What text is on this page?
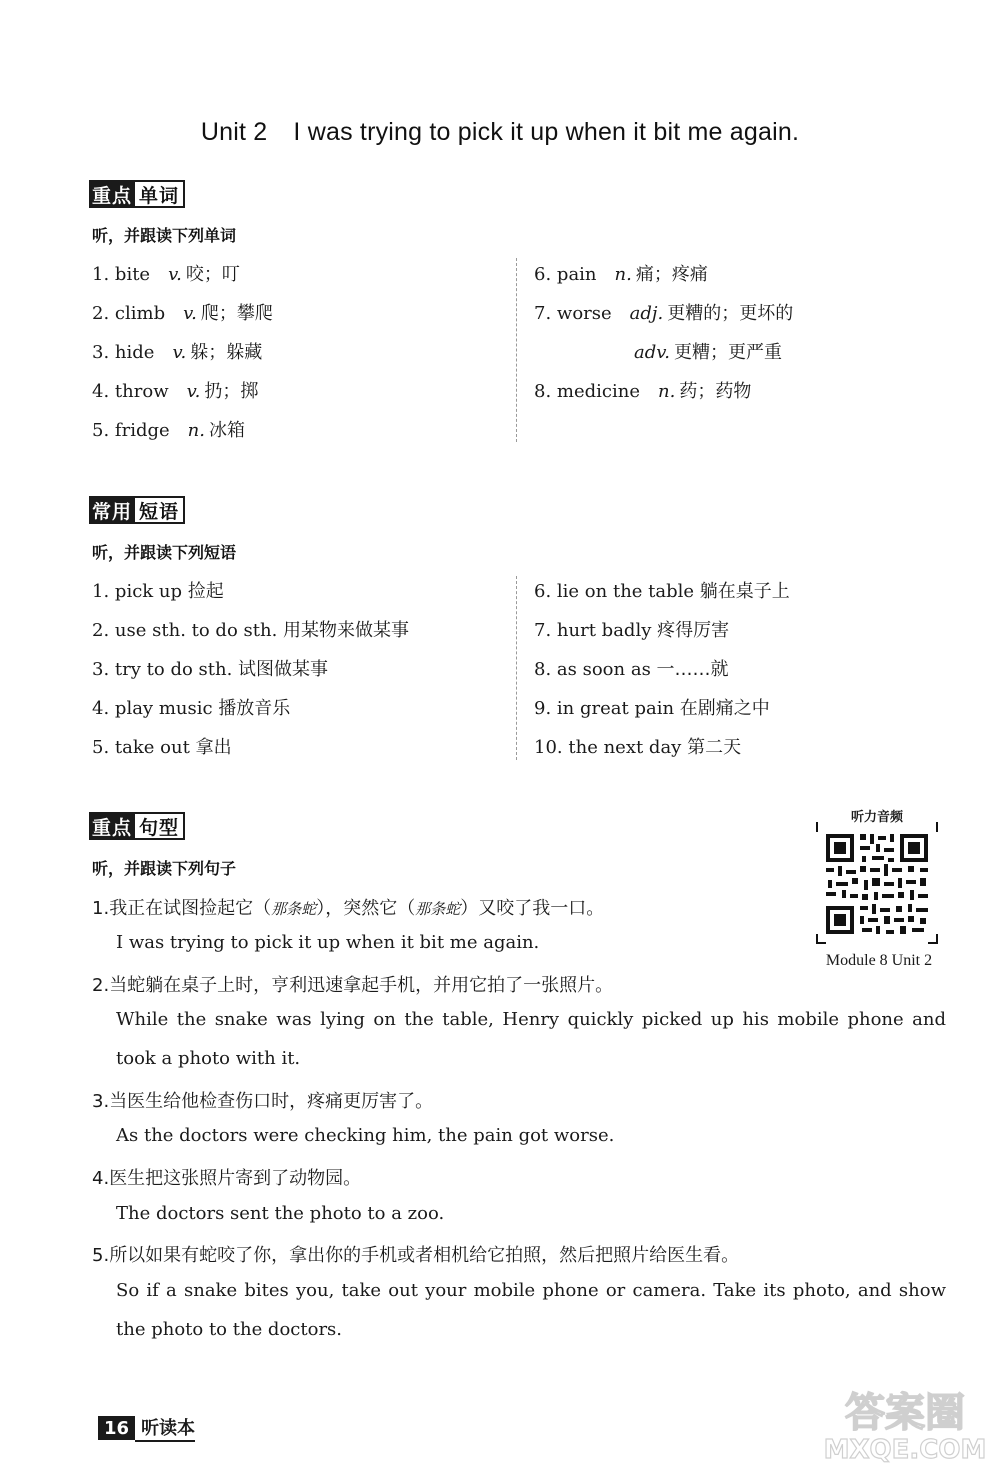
Unit 2 I was trying to pick it up when it bit me again.
重点 单词
听，并跟读下列单词
1. bite v. 咬；叮
2. climb v. 爬；攀爬
3. hide v. 躲；躲藏
4. throw v. 扔；掷
5. fridge n. 冰箱
6. pain n. 痛；疼痛
7. worse adj. 更糟的；更坏的
adv. 更糟；更严重
8. medicine n. 药；药物
常用 短语
听，并跟读下列短语
1. pick up 捡起
2. use sth. to do sth. 用某物来做某事
3. try to do sth. 试图做某事
4. play music 播放音乐
5. take out 拿出
6. lie on the table 躺在桌子上
7. hurt badly 疼得厉害
8. as soon as 一……就
9. in great pain 在剧痛之中
10. the next day 第二天
重点 句型
听，并跟读下列句子
听力音频
Module 8 Unit 2
1.我正在试图捡起它（那条蛇），突然它（那条蛇）又咬了我一口。
I was trying to pick it up when it bit me again.
2.当蛇躺在桌子上时，亨利迅速拿起手机，并用它拍了一张照片。
While the snake was lying on the table, Henry quickly picked up his mobile phone and
took a photo with it.
3.当医生给他检查伤口时，疼痛更厉害了。
As the doctors were checking him, the pain got worse.
4.医生把这张照片寄到了动物园。
The doctors sent the photo to a zoo.
5.所以如果有蛇咬了你，拿出你的手机或者相机给它拍照，然后把照片给医生看。
So if a snake bites you, take out your mobile phone or camera. Take its photo, and show
the photo to the doctors.
16 听读本	答案圈
MXQE.COM
